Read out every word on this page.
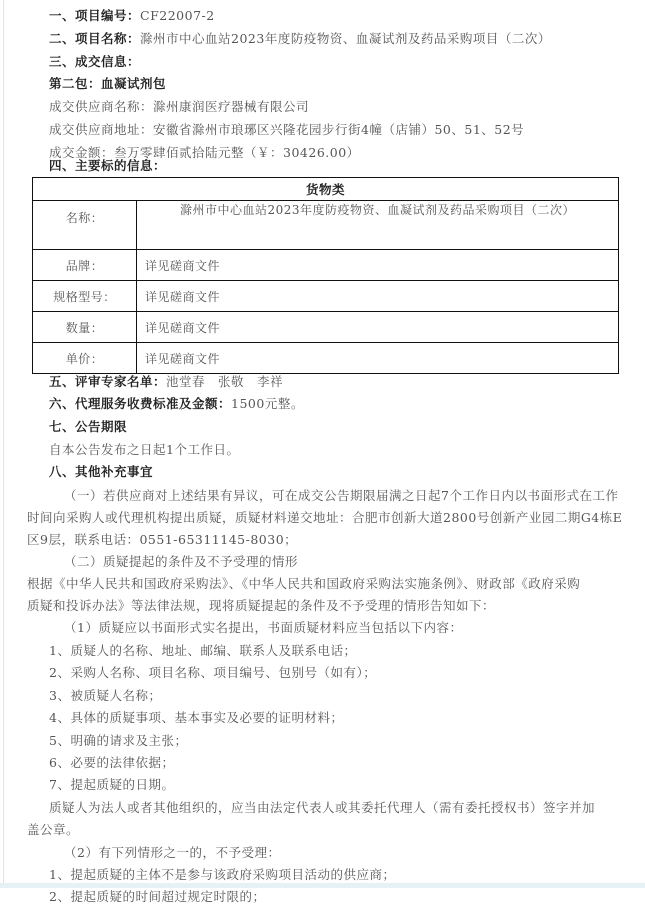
一、项目编号：CF22007-2
二、项目名称：滁州市中心血站2023年度防疫物资、血凝试剂及药品采购项目（二次）
三、成交信息：
第二包：血凝试剂包
成交供应商名称：滁州康润医疗器械有限公司
成交供应商地址：安徽省滁州市琅琊区兴隆花园步行街4幢（店铺）50、51、52号
成交金额：叁万零肆佰贰拾陆元整（￥：30426.00）
四、主要标的信息：
货物类	
名称：	滁州市中心血站2023年度防疫物资、血凝试剂及药品采购项目（二次）
品牌：	详见磋商文件
规格型号：	详见磋商文件
数量：	详见磋商文件
单价：	详见磋商文件
五、评审专家名单：池堂春　张敬　李祥
六、代理服务收费标准及金额：1500元整。
七、公告期限
自本公告发布之日起1个工作日。
八、其他补充事宜
（一）若供应商对上述结果有异议，可在成交公告期限届满之日起7个工作日内以书面形式在工作
时间向采购人或代理机构提出质疑，质疑材料递交地址：合肥市创新大道2800号创新产业园二期G4栋E
区9层，联系电话：0551-65311145-8030；
（二）质疑提起的条件及不予受理的情形
根据《中华人民共和国政府采购法》、《中华人民共和国政府采购法实施条例》、财政部《政府采购
质疑和投诉办法》等法律法规，现将质疑提起的条件及不予受理的情形告知如下：
（1）质疑应以书面形式实名提出，书面质疑材料应当包括以下内容：
1、质疑人的名称、地址、邮编、联系人及联系电话；
2、采购人名称、项目名称、项目编号、包别号（如有）；
3、被质疑人名称；
4、具体的质疑事项、基本事实及必要的证明材料；
5、明确的请求及主张；
6、必要的法律依据；
7、提起质疑的日期。
质疑人为法人或者其他组织的，应当由法定代表人或其委托代理人（需有委托授权书）签字并加
盖公章。
（2）有下列情形之一的，不予受理：
1、提起质疑的主体不是参与该政府采购项目活动的供应商；
2、提起质疑的时间超过规定时限的；
